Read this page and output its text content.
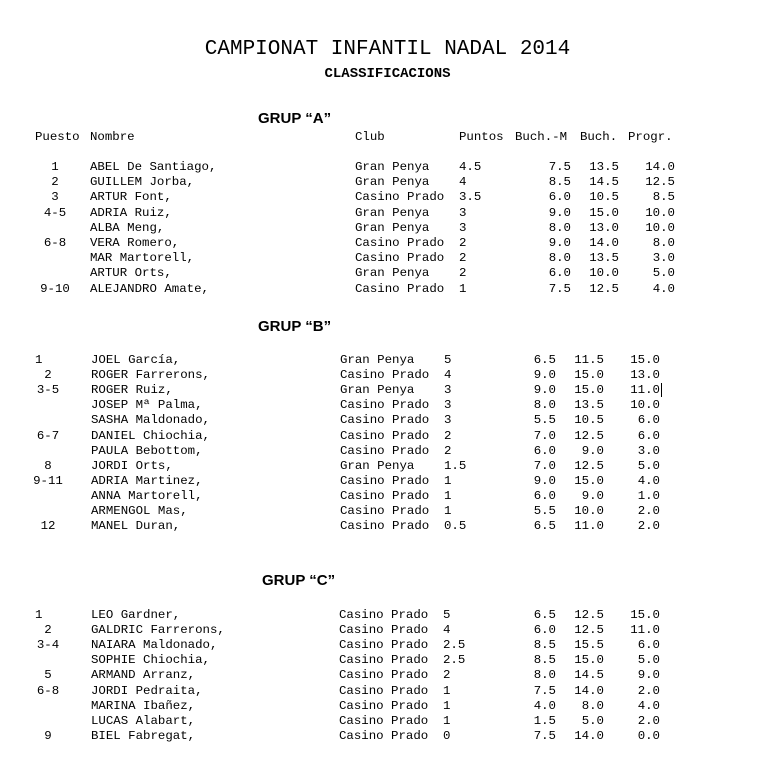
CAMPIONAT INFANTIL NADAL 2014
CLASSIFICACIONS
Puesto Nombre	Club	Puntos Buch.-M Buch. Progr.
GRUP “A”
GRUP “B”
GRUP “C”
1	ABEL De Santiago,	Gran Penya 4.5	7.5	13.5	14.0
2	GUILLEM Jorba,	Gran Penya 4	8.5	14.5	12.5
3	ARTUR Font,	Casino Prado 3.5	6.0	10.5	8.5
4-5	ADRIA Ruiz,	Gran Penya 3	9.0	15.0	10.0
ALBA Meng,	Gran Penya 3	8.0	13.0	10.0
6-8	VERA Romero,	Casino Prado 2	9.0	14.0	8.0
MAR Martorell,	Casino Prado 2	8.0	13.5	3.0
ARTUR Orts,	Gran Penya 2	6.0	10.0	5.0
9-10	ALEJANDRO Amate,	Casino Prado 1	7.5	12.5	4.0
1	JOEL García,	Gran Penya 5	6.5	11.5	15.0
2	ROGER Farrerons,	Casino Prado 4	9.0	15.0	13.0
3-5	ROGER Ruiz,	Gran Penya 3	9.0	15.0	11.0
JOSEP Mª Palma,	Casino Prado 3	8.0	13.5	10.0
SASHA Maldonado,	Casino Prado 3	5.5	10.5	6.0
6-7	DANIEL Chiochia,	Casino Prado 2	7.0	12.5	6.0
PAULA Bebottom,	Casino Prado 2	6.0	9.0	3.0
8	JORDI Orts,	Gran Penya 1.5	7.0	12.5	5.0
9-11	ADRIA Martinez,	Casino Prado 1	9.0	15.0	4.0
ANNA Martorell,	Casino Prado 1	6.0	9.0	1.0
ARMENGOL Mas,	Casino Prado 1	5.5	10.0	2.0
12	MANEL Duran,	Casino Prado 0.5	6.5	11.0	2.0
1	LEO Gardner,	Casino Prado 5	6.5	12.5	15.0
2	GALDRIC Farrerons,	Casino Prado 4	6.0	12.5	11.0
3-4	NAIARA Maldonado,	Casino Prado 2.5	8.5	15.5	6.0
SOPHIE Chiochia,	Casino Prado 2.5	8.5	15.0	5.0
5	ARMAND Arranz,	Casino Prado 2	8.0	14.5	9.0
6-8	JORDI Pedraita,	Casino Prado 1	7.5	14.0	2.0
MARINA Ibañez,	Casino Prado 1	4.0	8.0	4.0
LUCAS Alabart,	Casino Prado 1	1.5	5.0	2.0
9	BIEL Fabregat,	Casino Prado 0	7.5	14.0	0.0
